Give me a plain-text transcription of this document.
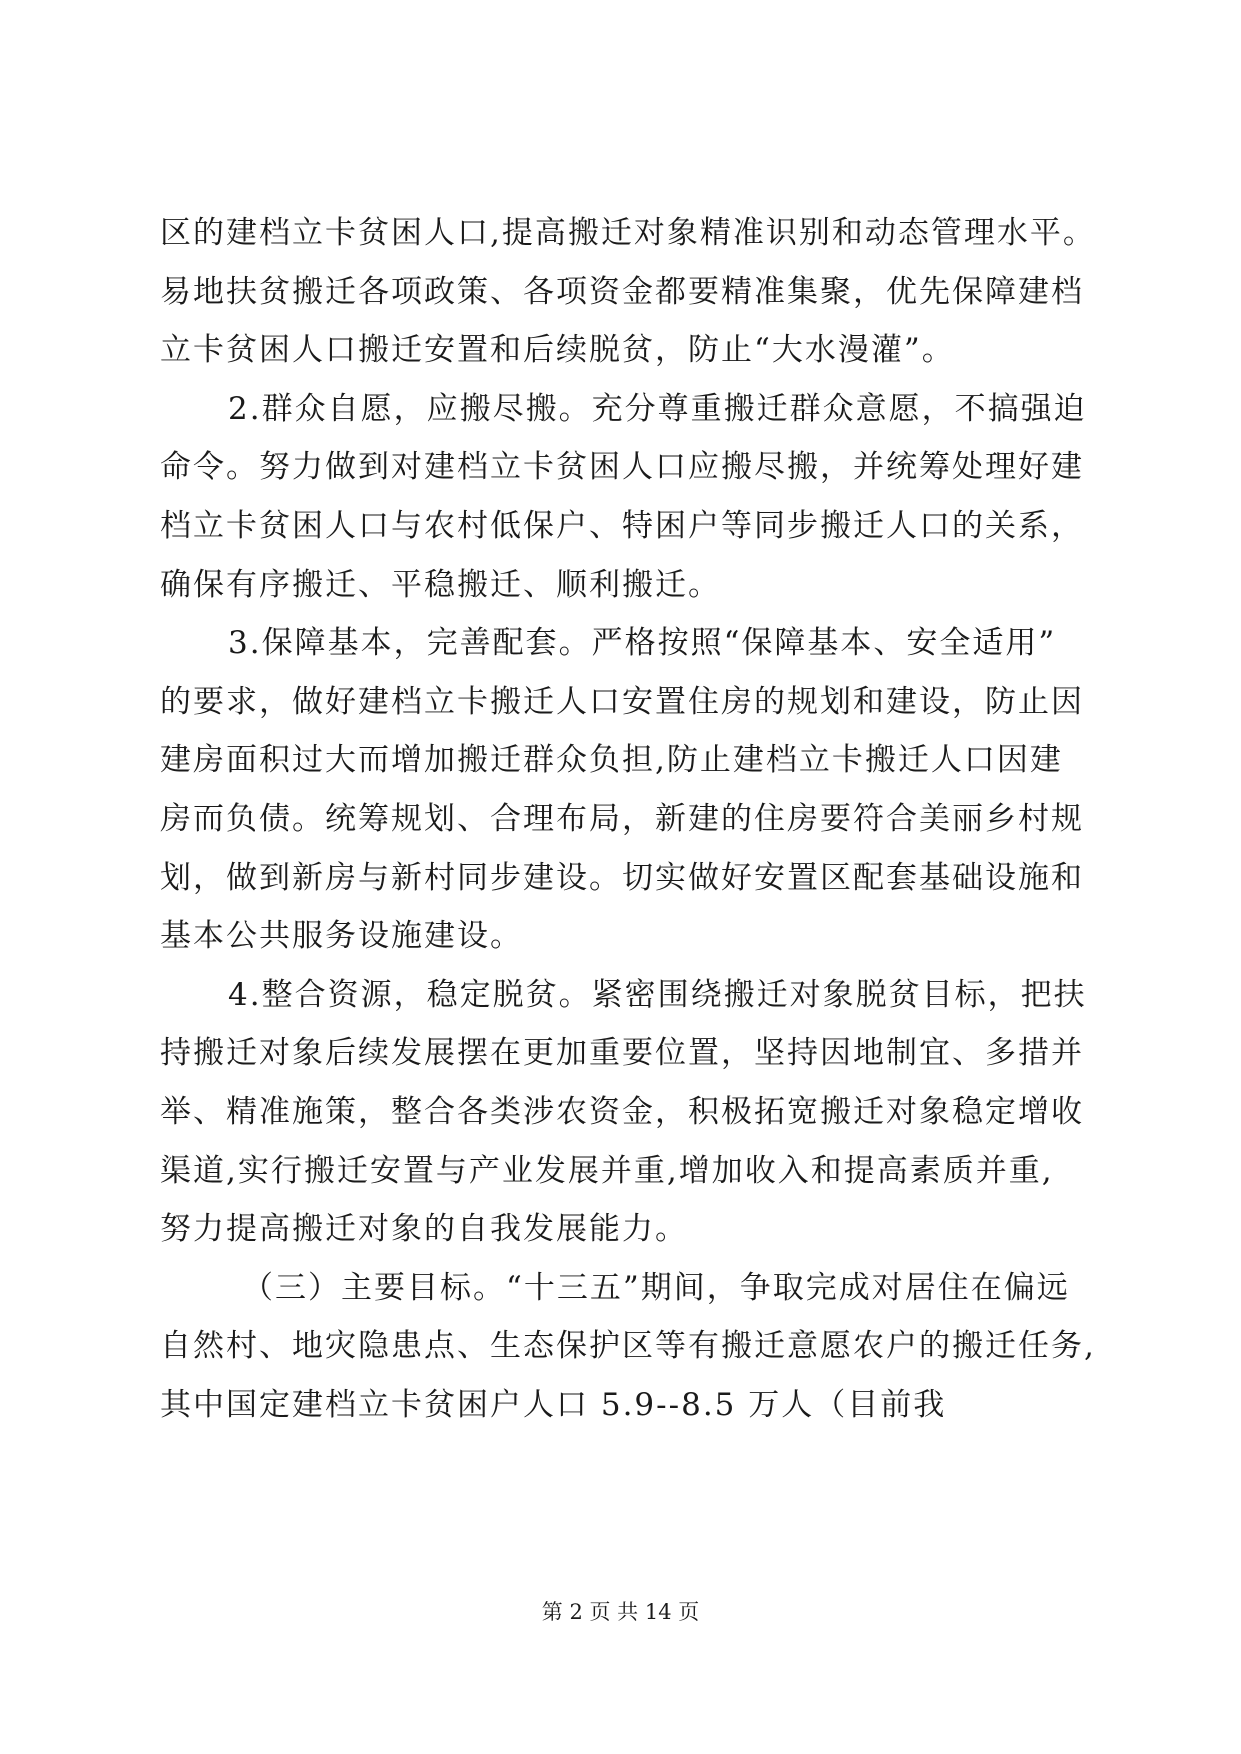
区的建档立卡贫困人口,提高搬迁对象精准识别和动态管理水平。
易地扶贫搬迁各项政策、各项资金都要精准集聚，优先保障建档
立卡贫困人口搬迁安置和后续脱贫，防止“大水漫灌”。
2.群众自愿，应搬尽搬。充分尊重搬迁群众意愿，不搞强迫
命令。努力做到对建档立卡贫困人口应搬尽搬，并统筹处理好建
档立卡贫困人口与农村低保户、特困户等同步搬迁人口的关系，
确保有序搬迁、平稳搬迁、顺利搬迁。
3.保障基本，完善配套。严格按照“保障基本、安全适用”
的要求，做好建档立卡搬迁人口安置住房的规划和建设，防止因
建房面积过大而增加搬迁群众负担,防止建档立卡搬迁人口因建
房而负债。统筹规划、合理布局，新建的住房要符合美丽乡村规
划，做到新房与新村同步建设。切实做好安置区配套基础设施和
基本公共服务设施建设。
4.整合资源，稳定脱贫。紧密围绕搬迁对象脱贫目标，把扶
持搬迁对象后续发展摆在更加重要位置，坚持因地制宜、多措并
举、精准施策，整合各类涉农资金，积极拓宽搬迁对象稳定增收
渠道,实行搬迁安置与产业发展并重,增加收入和提高素质并重,
努力提高搬迁对象的自我发展能力。
（三）主要目标。“十三五”期间，争取完成对居住在偏远
自然村、地灾隐患点、生态保护区等有搬迁意愿农户的搬迁任务,
其中国定建档立卡贫困户人口 5.9--8.5 万人（目前我
第 2 页 共 14 页
